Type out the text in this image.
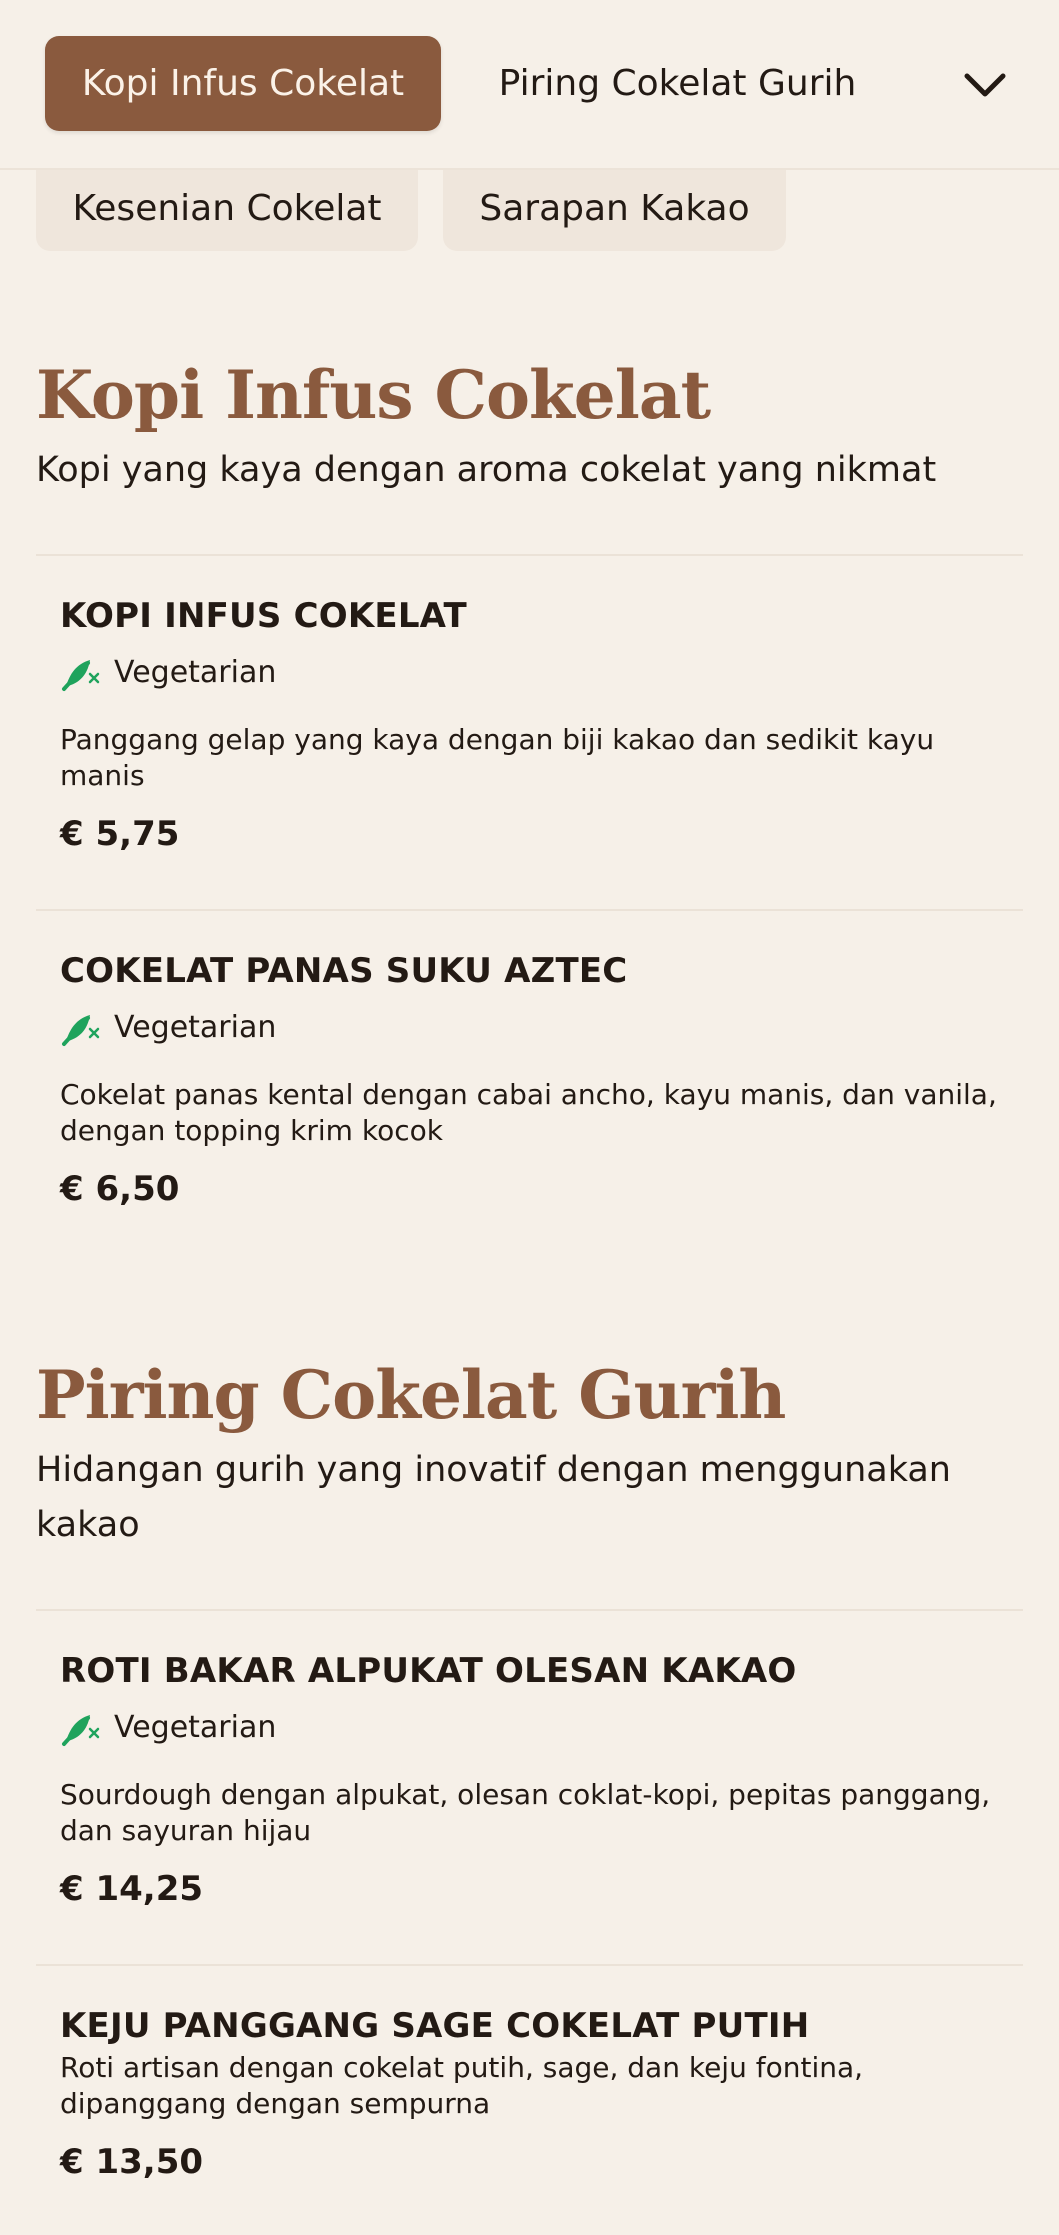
Kopi Infus Cokelat	Piring Cokelat Gurih
Kesenian Cokelat	Sarapan Kakao
Kopi Infus Cokelat

Kopi yang kaya dengan aroma cokelat yang nikmat

KOPI INFUS COKELAT

Vegetarian

Panggang gelap yang kaya dengan biji kakao dan sedikit kayu manis

€ 5,75

COKELAT PANAS SUKU AZTEC

Vegetarian

Cokelat panas kental dengan cabai ancho, kayu manis, dan vanila, dengan topping krim kocok

€ 6,50

Piring Cokelat Gurih

Hidangan gurih yang inovatif dengan menggunakan kakao

ROTI BAKAR ALPUKAT OLESAN KAKAO

Vegetarian

Sourdough dengan alpukat, olesan coklat-kopi, pepitas panggang, dan sayuran hijau

€ 14,25

KEJU PANGGANG SAGE COKELAT PUTIH

Roti artisan dengan cokelat putih, sage, dan keju fontina, dipanggang dengan sempurna

€ 13,50
